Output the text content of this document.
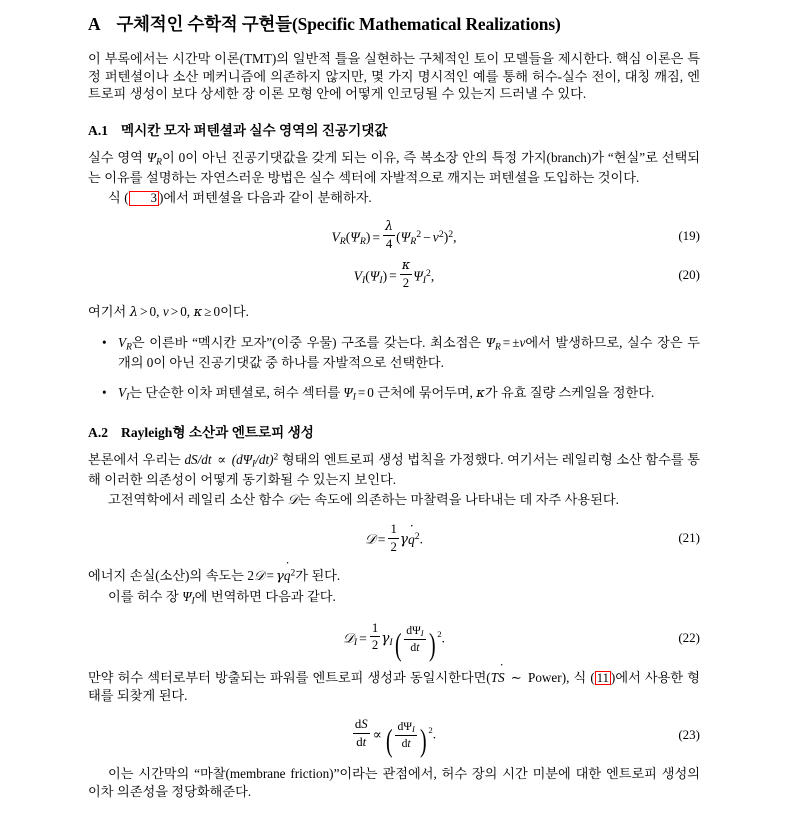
A 구체적인 수학적 구현들(Specific Mathematical Realizations)

이 부록에서는 시간막 이론(TMT)의 일반적 틀을 실현하는 구체적인 토이 모델들을 제시한다. 핵심 이론은 특정 퍼텐셜이나 소산 메커니즘에 의존하지 않지만, 몇 가지 명시적인 예를 통해 허수-실수 전이, 대칭 깨짐, 엔트로피 생성이 보다 상세한 장 이론 모형 안에 어떻게 인코딩될 수 있는지 드러낼 수 있다.

A.1 멕시칸 모자 퍼텐셜과 실수 영역의 진공기댓값

실수 영역 $\Psi_R$이 0이 아닌 진공기댓값을 갖게 되는 이유, 즉 복소장 안의 특정 가지(branch)가 “현실”로 선택되는 이유를 설명하는 자연스러운 방법은 실수 섹터에 자발적으로 깨지는 퍼텐셜을 도입하는 것이다.

식 ( 3 )에서 퍼텐셜을 다음과 같이 분해하자.

$V_R(\Psi_R) = \frac{\lambda}{4} (\Psi_R^2 - v^2)^2$,	(19)
$V_I(\Psi_I) = \frac{\kappa}{2} \Psi_I^2$,	(20)

여기서 λ > 0, v > 0, κ ≥ 0이다.

• $V_R$은 이른바 “멕시칸 모자”(이중 우물) 구조를 갖는다. 최소점은 $\Psi_R = \pm v$에서 발생하므로, 실수 장은 두 개의 0이 아닌 진공기댓값 중 하나를 자발적으로 선택한다.
• $V_I$는 단순한 이차 퍼텐셜로, 허수 섹터를 $\Psi_I = 0$ 근처에 묶어두며, κ가 유효 질량 스케일을 정한다.
A.2 Rayleigh형 소산과 엔트로피 생성

본론에서 우리는 $dS/dt \propto (d\Psi_I/dt)^2$ 형태의 엔트로피 생성 법칙을 가정했다. 여기서는 레일리형 소산 함수를 통해 이러한 의존성이 어떻게 동기화될 수 있는지 보인다.

고전역학에서 레일리 소산 함수 𝒟는 속도에 의존하는 마찰력을 나타내는 데 자주 사용된다.

𝒟 = $\frac{1}{2}$ γq ˙$^2$.	(21)

에너지 손실(소산)의 속도는 2𝒟 = γq ˙$^2$가 된다.

이를 허수 장 $\Psi_I$에 번역하면 다음과 같다.

𝒟$_I$ = $\frac{1}{2} \gamma_I( \frac{d\Psi_I}{dt}$ ) $^2$.	(22)

만약 허수 섹터로부터 방출되는 파워를 엔트로피 생성과 동일시한다면(TS ˙ ∼ Power), 식 ( 11 )에서 사용한 형태를 되찾게 된다.

$\frac{dS}{dt}$ ∝ ( $\frac{d\Psi_I}{dt}$ ) $^2$.	(23)

이는 시간막의 “마찰(membrane friction)”이라는 관점에서, 허수 장의 시간 미분에 대한 엔트로피 생성의 이차 의존성을 정당화해준다.
